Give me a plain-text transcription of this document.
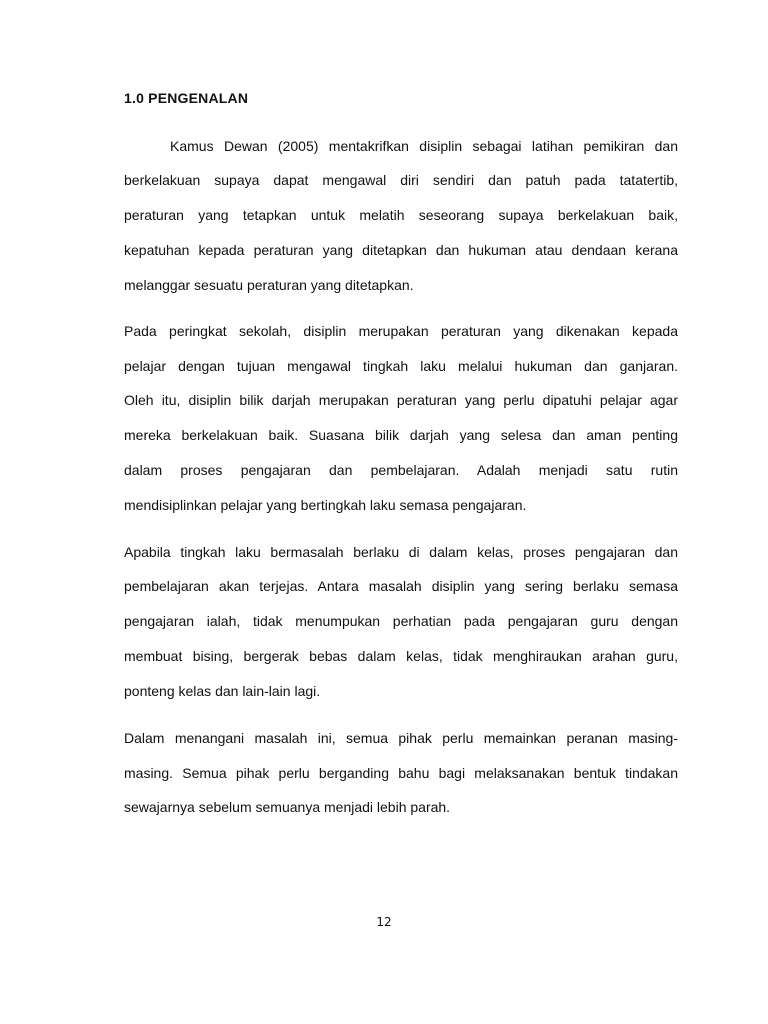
1.0 PENGENALAN

Kamus Dewan (2005) mentakrifkan disiplin sebagai latihan pemikiran dan

berkelakuan supaya dapat mengawal diri sendiri dan patuh pada tatatertib,

peraturan yang tetapkan untuk melatih seseorang supaya berkelakuan baik,

kepatuhan kepada peraturan yang ditetapkan dan hukuman atau dendaan kerana

melanggar sesuatu peraturan yang ditetapkan.

Pada peringkat sekolah, disiplin merupakan peraturan yang dikenakan kepada

pelajar dengan tujuan mengawal tingkah laku melalui hukuman dan ganjaran.

Oleh itu, disiplin bilik darjah merupakan peraturan yang perlu dipatuhi pelajar agar

mereka berkelakuan baik. Suasana bilik darjah yang selesa dan aman penting

dalam proses pengajaran dan pembelajaran. Adalah menjadi satu rutin

mendisiplinkan pelajar yang bertingkah laku semasa pengajaran.

Apabila tingkah laku bermasalah berlaku di dalam kelas, proses pengajaran dan

pembelajaran akan terjejas. Antara masalah disiplin yang sering berlaku semasa

pengajaran ialah, tidak menumpukan perhatian pada pengajaran guru dengan

membuat bising, bergerak bebas dalam kelas, tidak menghiraukan arahan guru,

ponteng kelas dan lain-lain lagi.

Dalam menangani masalah ini, semua pihak perlu memainkan peranan masing-

masing. Semua pihak perlu berganding bahu bagi melaksanakan bentuk tindakan

sewajarnya sebelum semuanya menjadi lebih parah.

12
